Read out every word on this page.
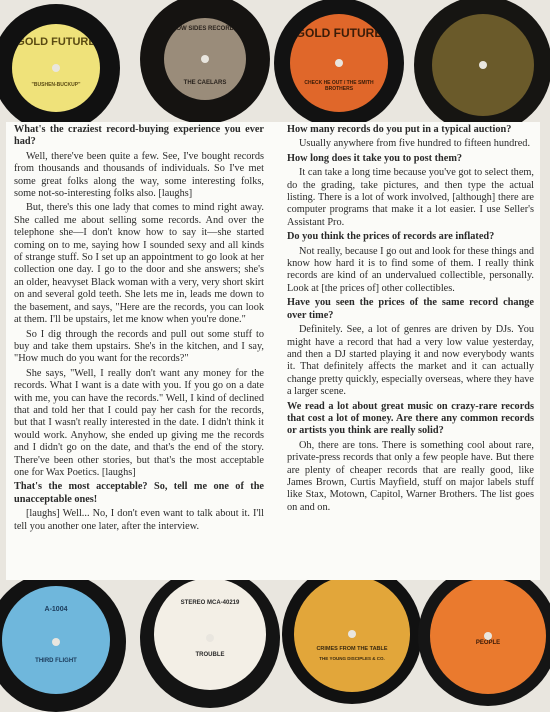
GOLD FUTURE
"BUSHEN-BUCKUP"
NOW SIDES RECORDS
THE CAELARS
GOLD FUTURE
CHECK HE OUT / THE SMITH BROTHERS
A-1004
THIRD FLIGHT
STEREO MCA-40219
TROUBLE
CRIMES FROM THE TABLE
THE YOUNG DISCIPLES & CO.
PEOPLE

What's the craziest record-buying experience you ever had?

Well, there've been quite a few. See, I've bought records from thousands and thousands of individuals. So I've met some great folks along the way, some interesting folks, some not-so-interesting folks also. [laughs]

But, there's this one lady that comes to mind right away. She called me about selling some records. And over the telephone she—I don't know how to say it—she started coming on to me, saying how I sounded sexy and all kinds of strange stuff. So I set up an appointment to go look at her collection one day. I go to the door and she answers; she's an older, heavyset Black woman with a very, very short skirt on and several gold teeth. She lets me in, leads me down to the basement, and says, "Here are the records, you can look at them. I'll be upstairs, let me know when you're done."

So I dig through the records and pull out some stuff to buy and take them upstairs. She's in the kitchen, and I say, "How much do you want for the records?"

She says, "Well, I really don't want any money for the records. What I want is a date with you. If you go on a date with me, you can have the records." Well, I kind of declined that and told her that I could pay her cash for the records, but that I wasn't really interested in the date. I didn't think it would work. Anyhow, she ended up giving me the records and I didn't go on the date, and that's the end of the story. There've been other stories, but that's the most acceptable one for Wax Poetics. [laughs]

That's the most acceptable? So, tell me one of the unacceptable ones!

[laughs] Well... No, I don't even want to talk about it. I'll tell you another one later, after the interview.

How many records do you put in a typical auction?

Usually anywhere from five hundred to fifteen hundred.

How long does it take you to post them?

It can take a long time because you've got to select them, do the grading, take pictures, and then type the actual listing. There is a lot of work involved, [although] there are computer programs that make it a lot easier. I use Seller's Assistant Pro.

Do you think the prices of records are inflated?

Not really, because I go out and look for these things and know how hard it is to find some of them. I really think records are kind of an undervalued collectible, personally. Look at [the prices of] other collectibles.

Have you seen the prices of the same record change over time?

Definitely. See, a lot of genres are driven by DJs. You might have a record that had a very low value yesterday, and then a DJ started playing it and now everybody wants it. That definitely affects the market and it can actually change pretty quickly, especially overseas, where they have a larger scene.

We read a lot about great music on crazy-rare records that cost a lot of money. Are there any common records or artists you think are really solid?

Oh, there are tons. There is something cool about rare, private-press records that only a few people have. But there are plenty of cheaper records that are really good, like James Brown, Curtis Mayfield, stuff on major labels stuff like Stax, Motown, Capitol, Warner Brothers. The list goes on and on.
